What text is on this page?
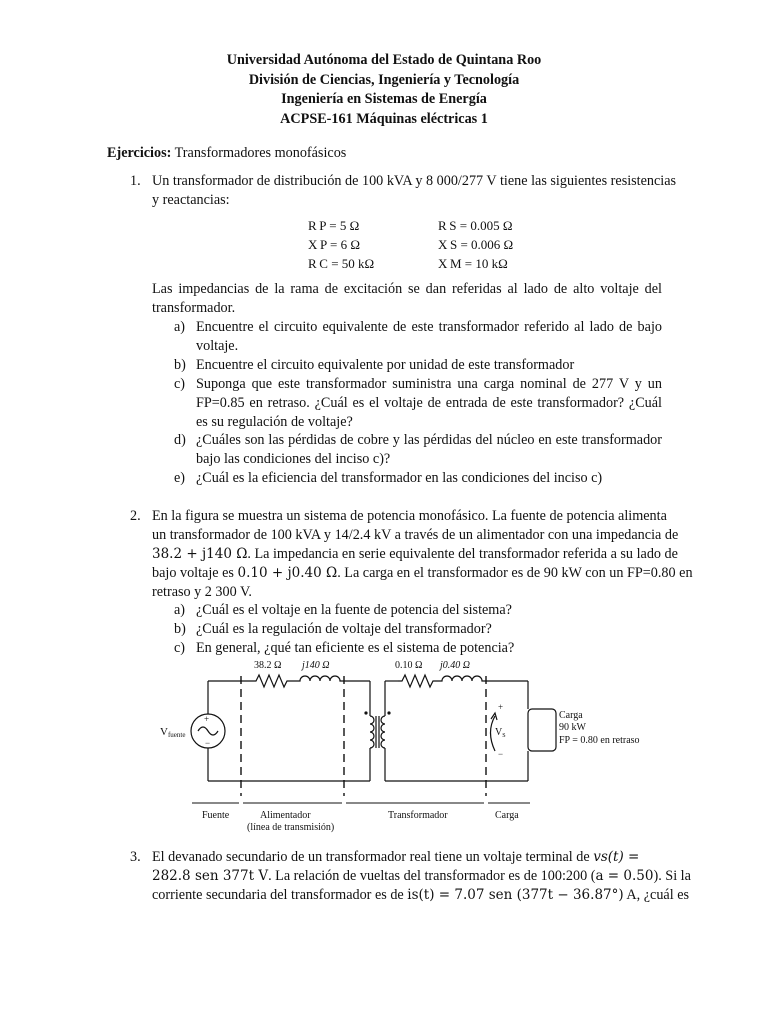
Universidad Autónoma del Estado de Quintana Roo
División de Ciencias, Ingeniería y Tecnología
Ingeniería en Sistemas de Energía
ACPSE-161 Máquinas eléctricas 1
Ejercicios: Transformadores monofásicos
1. Un transformador de distribución de 100 kVA y 8 000/277 V tiene las siguientes resistencias
y reactancias:
R P = 5 Ω	R S = 0.005 Ω
X P = 6 Ω	X S = 0.006 Ω
R C = 50 kΩ	X M = 10 kΩ
Las impedancias de la rama de excitación se dan referidas al lado de alto voltaje del transformador.
a) Encuentre el circuito equivalente de este transformador referido al lado de bajo voltaje.
b) Encuentre el circuito equivalente por unidad de este transformador
c) Suponga que este transformador suministra una carga nominal de 277 V y un FP=0.85 en retraso. ¿Cuál es el voltaje de entrada de este transformador? ¿Cuál es su regulación de voltaje?
d) ¿Cuáles son las pérdidas de cobre y las pérdidas del núcleo en este transformador bajo las condiciones del inciso c)?
e) ¿Cuál es la eficiencia del transformador en las condiciones del inciso c)
2. En la figura se muestra un sistema de potencia monofásico. La fuente de potencia alimenta
un transformador de 100 kVA y 14/2.4 kV a través de un alimentador con una impedancia de
38.2 + j140 Ω. La impedancia en serie equivalente del transformador referida a su lado de
bajo voltaje es 0.10 + j0.40 Ω. La carga en el transformador es de 90 kW con un FP=0.80 en
retraso y 2 300 V.
a) ¿Cuál es el voltaje en la fuente de potencia del sistema?
b) ¿Cuál es la regulación de voltaje del transformador?
c) En general, ¿qué tan eficiente es el sistema de potencia?
38.2 Ω j140 Ω	0.10 Ω j0.40 Ω
+
−
Vfuente
+
−
$V_S$
Carga
90 kW
FP = 0.80 en retraso
Fuente	Alimentador
(línea de transmisión)
Transformador	Carga
3. El devanado secundario de un transformador real tiene un voltaje terminal de vs(t) =
282.8 sen 377t V. La relación de vueltas del transformador es de 100:200 (a = 0.50). Si la
corriente secundaria del transformador es de is(t) = 7.07 sen (377t − 36.87°) A, ¿cuál es
